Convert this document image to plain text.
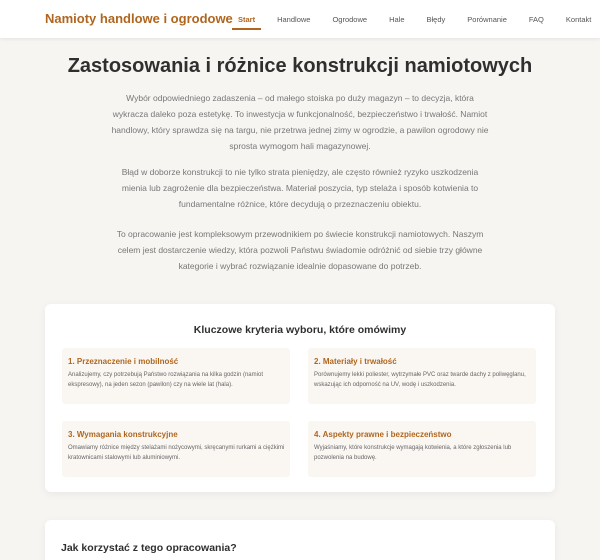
Namioty handlowe i ogrodowe Start	Handlowe	Ogrodowe	Hale	Błędy	Porównanie	FAQ	Kontakt
Zastosowania i różnice konstrukcji namiotowych

Wybór odpowiedniego zadaszenia – od małego stoiska po duży magazyn – to decyzja, która wykracza daleko poza estetykę. To inwestycja w funkcjonalność, bezpieczeństwo i trwałość. Namiot handlowy, który sprawdza się na targu, nie przetrwa jednej zimy w ogrodzie, a pawilon ogrodowy nie sprosta wymogom hali magazynowej.

Błąd w doborze konstrukcji to nie tylko strata pieniędzy, ale często również ryzyko uszkodzenia mienia lub zagrożenie dla bezpieczeństwa. Materiał poszycia, typ stelaża i sposób kotwienia to fundamentalne różnice, które decydują o przeznaczeniu obiektu.

To opracowanie jest kompleksowym przewodnikiem po świecie konstrukcji namiotowych. Naszym celem jest dostarczenie wiedzy, która pozwoli Państwu świadomie odróżnić od siebie trzy główne kategorie i wybrać rozwiązanie idealnie dopasowane do potrzeb.

Kluczowe kryteria wyboru, które omówimy
1. Przeznaczenie i mobilność
Analizujemy, czy potrzebują Państwo rozwiązania na kilka godzin (namiot ekspresowy), na jeden sezon (pawilon) czy na wiele lat (hala).
2. Materiały i trwałość
Porównujemy lekki poliester, wytrzymałe PVC oraz twarde dachy z poliwęglanu, wskazując ich odporność na UV, wodę i uszkodzenia.
3. Wymagania konstrukcyjne
Omawiamy różnice między stelażami nożycowymi, skręcanymi rurkami a ciężkimi kratownicami stalowymi lub aluminiowymi.
4. Aspekty prawne i bezpieczeństwo
Wyjaśniamy, które konstrukcje wymagają kotwienia, a które zgłoszenia lub pozwolenia na budowę.
Jak korzystać z tego opracowania?
